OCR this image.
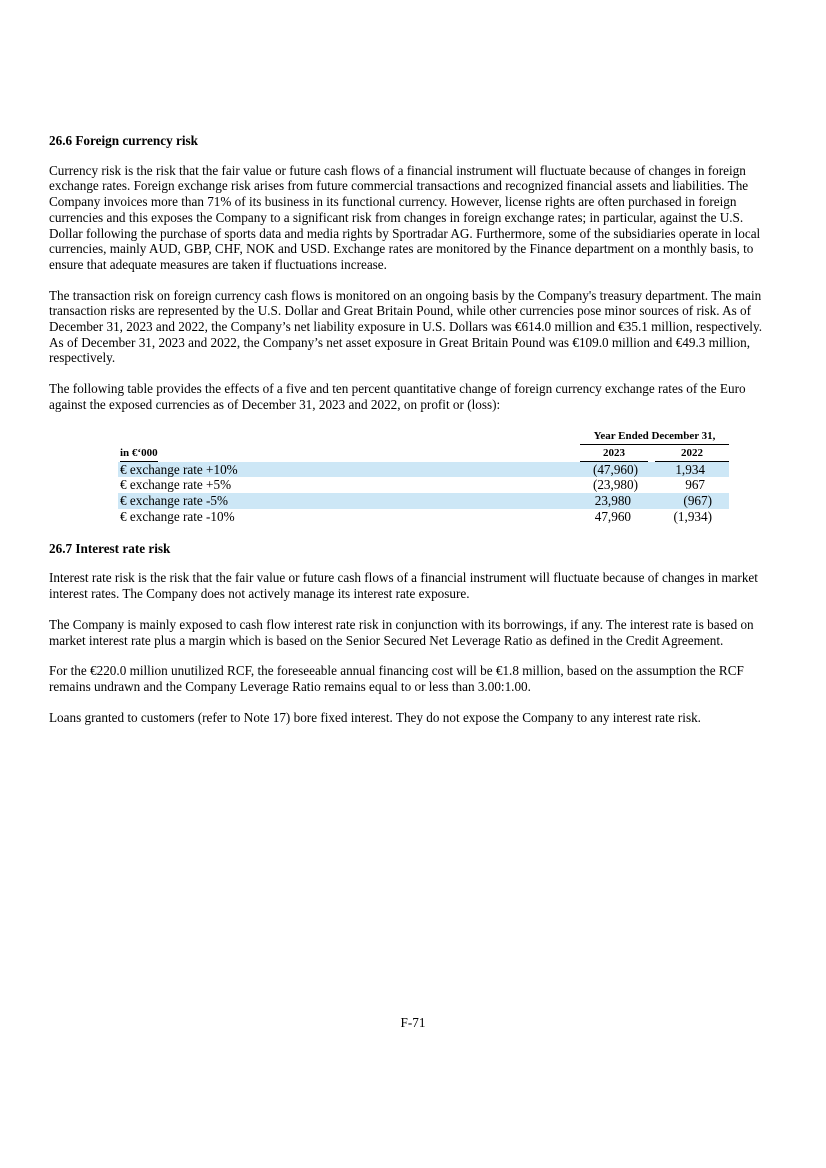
26.6 Foreign currency risk

Currency risk is the risk that the fair value or future cash flows of a financial instrument will fluctuate because of changes in foreign exchange rates. Foreign exchange risk arises from future commercial transactions and recognized financial assets and liabilities. The Company invoices more than 71% of its business in its functional currency. However, license rights are often purchased in foreign currencies and this exposes the Company to a significant risk from changes in foreign exchange rates; in particular, against the U.S. Dollar following the purchase of sports data and media rights by Sportradar AG. Furthermore, some of the subsidiaries operate in local currencies, mainly AUD, GBP, CHF, NOK and USD. Exchange rates are monitored by the Finance department on a monthly basis, to ensure that adequate measures are taken if fluctuations increase.

The transaction risk on foreign currency cash flows is monitored on an ongoing basis by the Company's treasury department. The main transaction risks are represented by the U.S. Dollar and Great Britain Pound, while other currencies pose minor sources of risk. As of December 31, 2023 and 2022, the Company’s net liability exposure in U.S. Dollars was €614.0 million and €35.1 million, respectively. As of December 31, 2023 and 2022, the Company’s net asset exposure in Great Britain Pound was €109.0 million and €49.3 million, respectively.

The following table provides the effects of a five and ten percent quantitative change of foreign currency exchange rates of the Euro against the exposed currencies as of December 31, 2023 and 2022, on profit or (loss):

Year Ended December 31,
in €‘000	2023	2022
€ exchange rate +10%	(47,960)	1,934
€ exchange rate +5%	(23,980)	967
€ exchange rate -5%	23,980	(967)
€ exchange rate -10%	47,960	(1,934)
26.7 Interest rate risk

Interest rate risk is the risk that the fair value or future cash flows of a financial instrument will fluctuate because of changes in market interest rates. The Company does not actively manage its interest rate exposure.

The Company is mainly exposed to cash flow interest rate risk in conjunction with its borrowings, if any. The interest rate is based on market interest rate plus a margin which is based on the Senior Secured Net Leverage Ratio as defined in the Credit Agreement.

For the €220.0 million unutilized RCF, the foreseeable annual financing cost will be €1.8 million, based on the assumption the RCF remains undrawn and the Company Leverage Ratio remains equal to or less than 3.00:1.00.

Loans granted to customers (refer to Note 17) bore fixed interest. They do not expose the Company to any interest rate risk.

F-71
